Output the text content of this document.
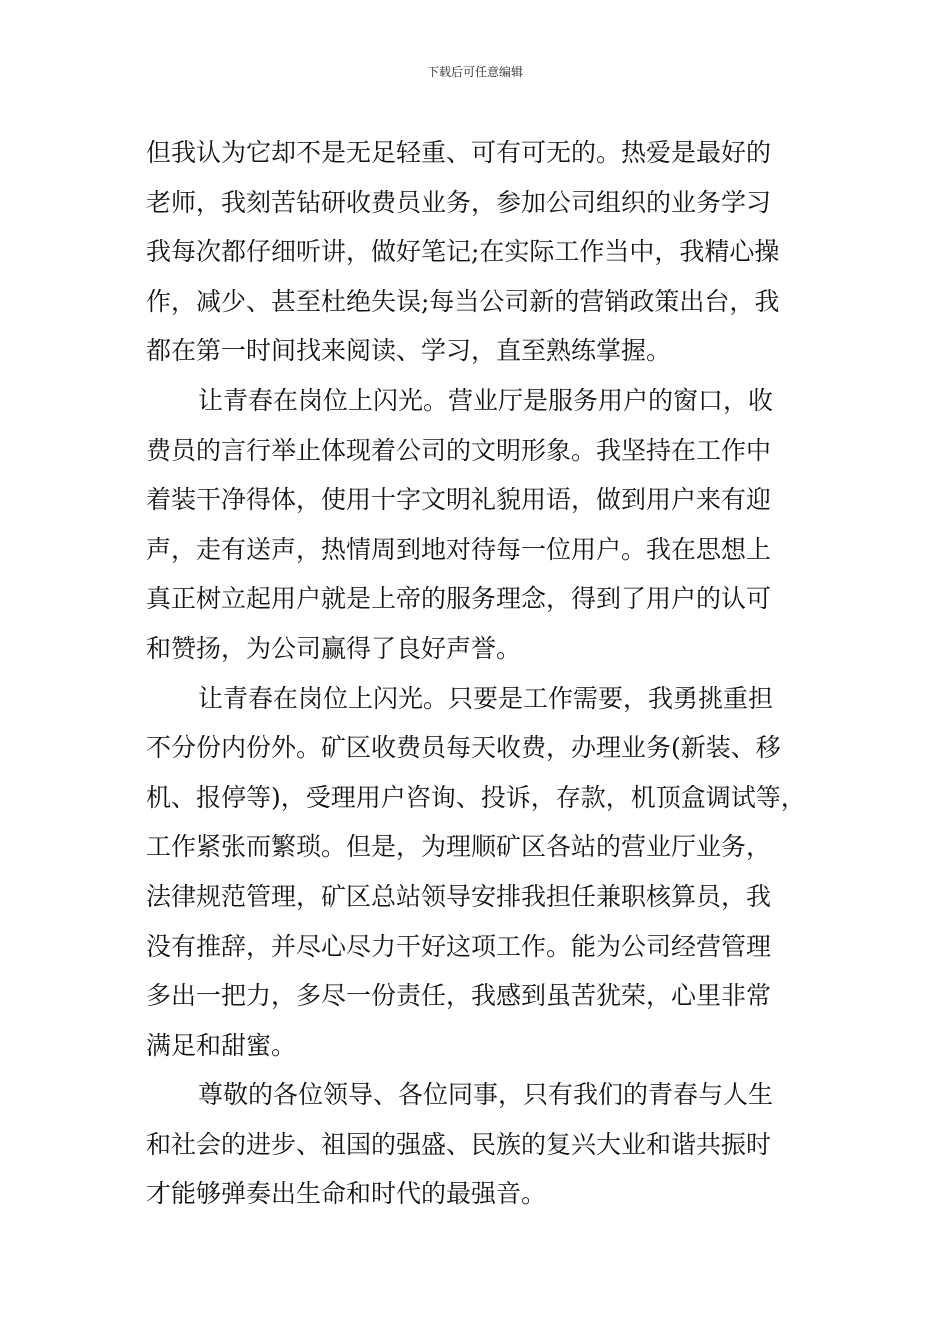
下载后可任意编辑
但我认为它却不是无足轻重、可有可无的。热爱是最好的
老师，我刻苦钻研收费员业务，参加公司组织的业务学习
我每次都仔细听讲，做好笔记;在实际工作当中，我精心操
作，减少、甚至杜绝失误;每当公司新的营销政策出台，我
都在第一时间找来阅读、学习，直至熟练掌握。
让青春在岗位上闪光。营业厅是服务用户的窗口，收
费员的言行举止体现着公司的文明形象。我坚持在工作中
着装干净得体，使用十字文明礼貌用语，做到用户来有迎
声，走有送声，热情周到地对待每一位用户。我在思想上
真正树立起用户就是上帝的服务理念，得到了用户的认可
和赞扬，为公司赢得了良好声誉。
让青春在岗位上闪光。只要是工作需要，我勇挑重担
不分份内份外。矿区收费员每天收费，办理业务(新装、移
机、报停等)，受理用户咨询、投诉，存款，机顶盒调试等，
工作紧张而繁琐。但是，为理顺矿区各站的营业厅业务，
法律规范管理，矿区总站领导安排我担任兼职核算员，我
没有推辞，并尽心尽力干好这项工作。能为公司经营管理
多出一把力，多尽一份责任，我感到虽苦犹荣，心里非常
满足和甜蜜。
尊敬的各位领导、各位同事，只有我们的青春与人生
和社会的进步、祖国的强盛、民族的复兴大业和谐共振时
才能够弹奏出生命和时代的最强音。
